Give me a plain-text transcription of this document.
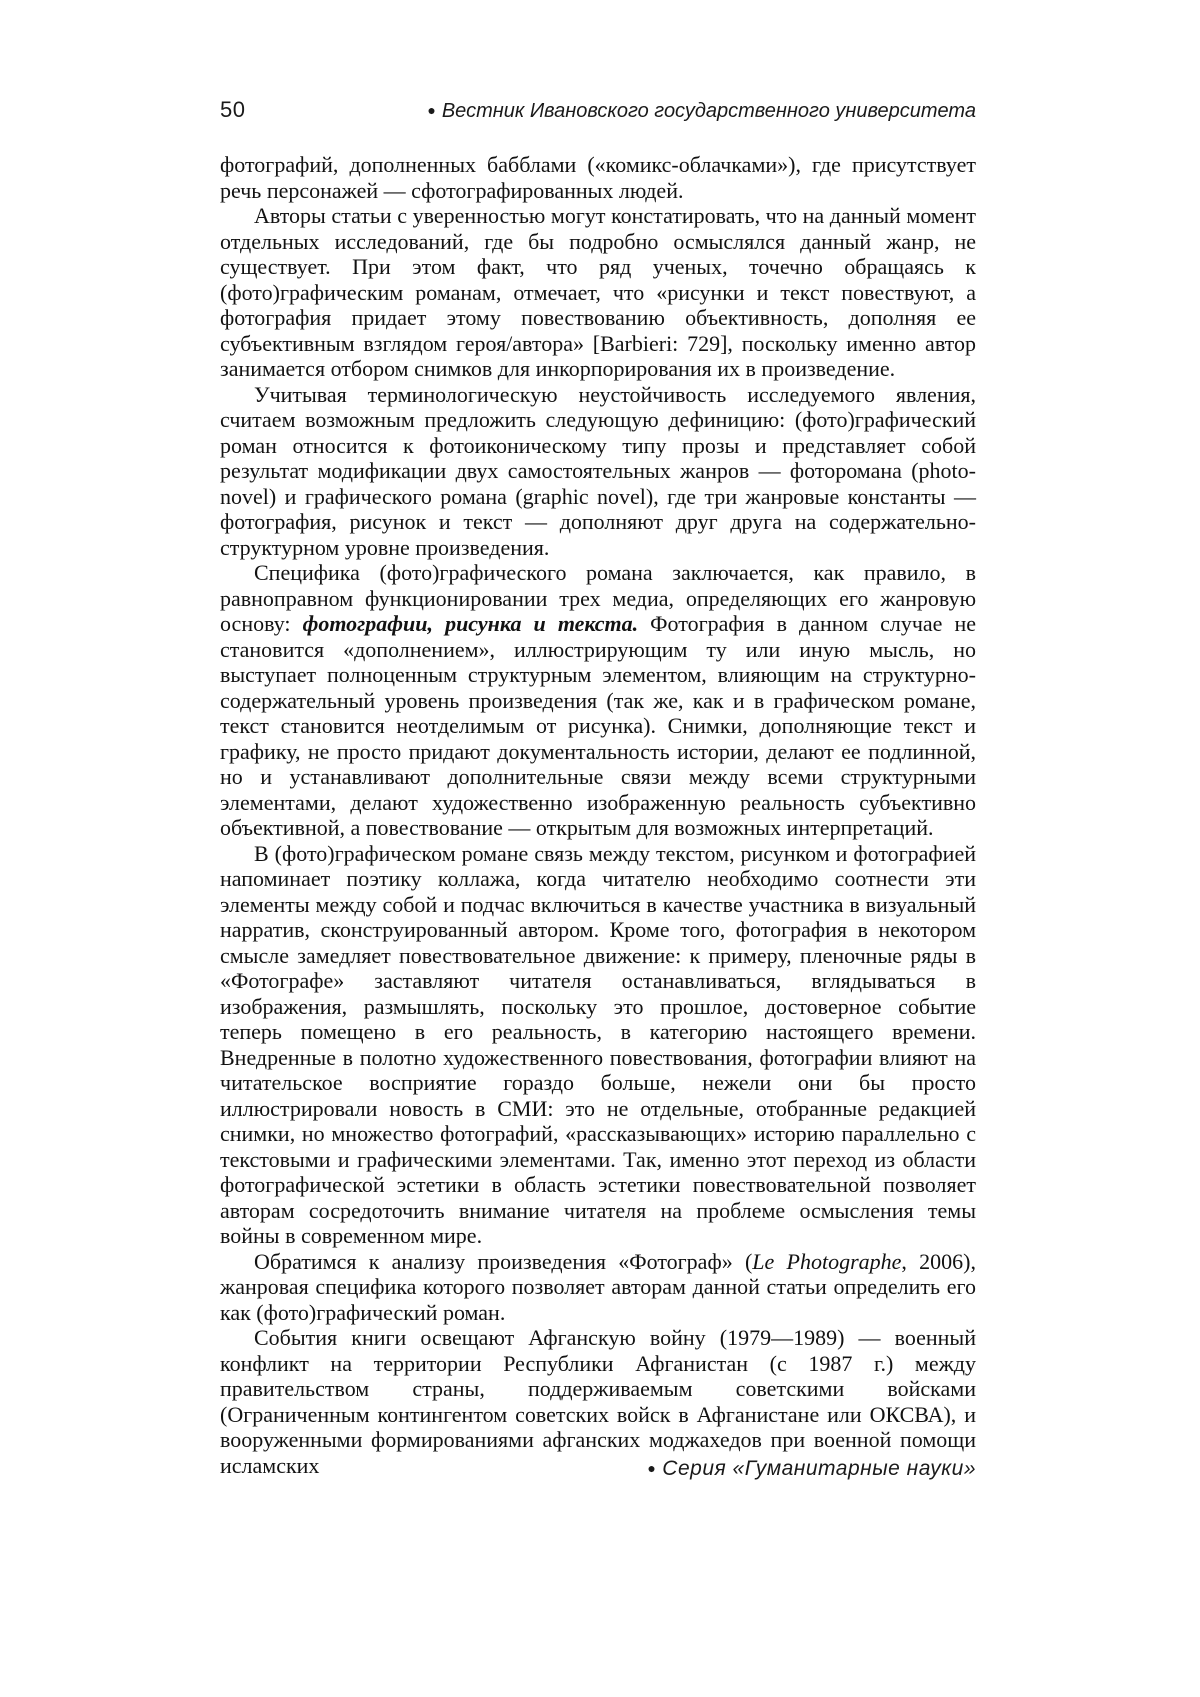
50	● Вестник Ивановского государственного университета

фотографий, дополненных бабблами («комикс-облачками»), где присутствует речь персонажей — сфотографированных людей.

Авторы статьи с уверенностью могут констатировать, что на данный момент отдельных исследований, где бы подробно осмыслялся данный жанр, не существует. При этом факт, что ряд ученых, точечно обращаясь к (фото)графическим романам, отмечает, что «рисунки и текст повествуют, а фотография придает этому повествованию объективность, дополняя ее субъективным взглядом героя/автора» [Barbieri: 729], поскольку именно автор занимается отбором снимков для инкорпорирования их в произведение.

Учитывая терминологическую неустойчивость исследуемого явления, считаем возможным предложить следующую дефиницию: (фото)графический роман относится к фотоиконическому типу прозы и представляет собой результат модификации двух самостоятельных жанров — фоторомана (photo-novel) и графического романа (graphic novel), где три жанровые константы — фотография, рисунок и текст — дополняют друг друга на содержательно-структурном уровне произведения.

Специфика (фото)графического романа заключается, как правило, в равноправном функционировании трех медиа, определяющих его жанровую основу: фотографии, рисунка и текста. Фотография в данном случае не становится «дополнением», иллюстрирующим ту или иную мысль, но выступает полноценным структурным элементом, влияющим на структурно-содержательный уровень произведения (так же, как и в графическом романе, текст становится неотделимым от рисунка). Снимки, дополняющие текст и графику, не просто придают документальность истории, делают ее подлинной, но и устанавливают дополнительные связи между всеми структурными элементами, делают художественно изображенную реальность субъективно объективной, а повествование — открытым для возможных интерпретаций.

В (фото)графическом романе связь между текстом, рисунком и фотографией напоминает поэтику коллажа, когда читателю необходимо соотнести эти элементы между собой и подчас включиться в качестве участника в визуальный нарратив, сконструированный автором. Кроме того, фотография в некотором смысле замедляет повествовательное движение: к примеру, пленочные ряды в «Фотографе» заставляют читателя останавливаться, вглядываться в изображения, размышлять, поскольку это прошлое, достоверное событие теперь помещено в его реальность, в категорию настоящего времени. Внедренные в полотно художественного повествования, фотографии влияют на читательское восприятие гораздо больше, нежели они бы просто иллюстрировали новость в СМИ: это не отдельные, отобранные редакцией снимки, но множество фотографий, «рассказывающих» историю параллельно с текстовыми и графическими элементами. Так, именно этот переход из области фотографической эстетики в область эстетики повествовательной позволяет авторам сосредоточить внимание читателя на проблеме осмысления темы войны в современном мире.

Обратимся к анализу произведения «Фотограф» (Le Photographe, 2006), жанровая специфика которого позволяет авторам данной статьи определить его как (фото)графический роман.

События книги освещают Афганскую войну (1979—1989) — военный конфликт на территории Республики Афганистан (с 1987 г.) между правительством страны, поддерживаемым советскими войсками (Ограниченным контингентом советских войск в Афганистане или ОКСВА), и вооруженными формированиями афганских моджахедов при военной помощи исламских	● Серия «Гуманитарные науки»
